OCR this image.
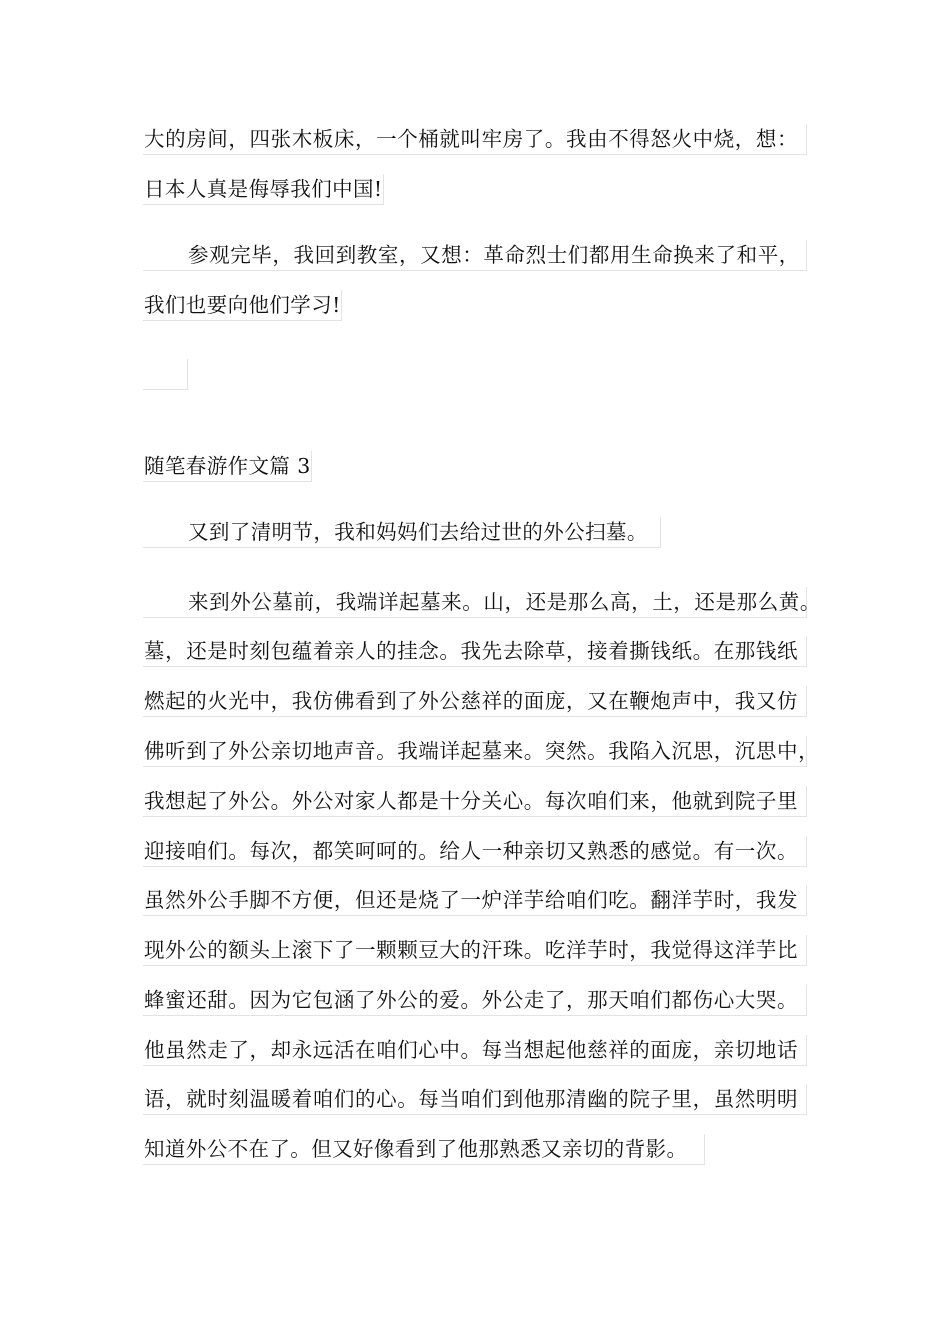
大的房间，四张木板床，一个桶就叫牢房了。我由不得怒火中烧，想：
日本人真是侮辱我们中国!
参观完毕，我回到教室，又想：革命烈士们都用生命换来了和平，
我们也要向他们学习!
随笔春游作文篇 3
又到了清明节，我和妈妈们去给过世的外公扫墓。
来到外公墓前，我端详起墓来。山，还是那么高，土，还是那么黄。
墓，还是时刻包蕴着亲人的挂念。我先去除草，接着撕钱纸。在那钱纸
燃起的火光中，我仿佛看到了外公慈祥的面庞，又在鞭炮声中，我又仿
佛听到了外公亲切地声音。我端详起墓来。突然。我陷入沉思，沉思中，
我想起了外公。外公对家人都是十分关心。每次咱们来，他就到院子里
迎接咱们。每次，都笑呵呵的。给人一种亲切又熟悉的感觉。有一次。
虽然外公手脚不方便，但还是烧了一炉洋芋给咱们吃。翻洋芋时，我发
现外公的额头上滚下了一颗颗豆大的汗珠。吃洋芋时，我觉得这洋芋比
蜂蜜还甜。因为它包涵了外公的爱。外公走了，那天咱们都伤心大哭。
他虽然走了，却永远活在咱们心中。每当想起他慈祥的面庞，亲切地话
语，就时刻温暖着咱们的心。每当咱们到他那清幽的院子里，虽然明明
知道外公不在了。但又好像看到了他那熟悉又亲切的背影。
